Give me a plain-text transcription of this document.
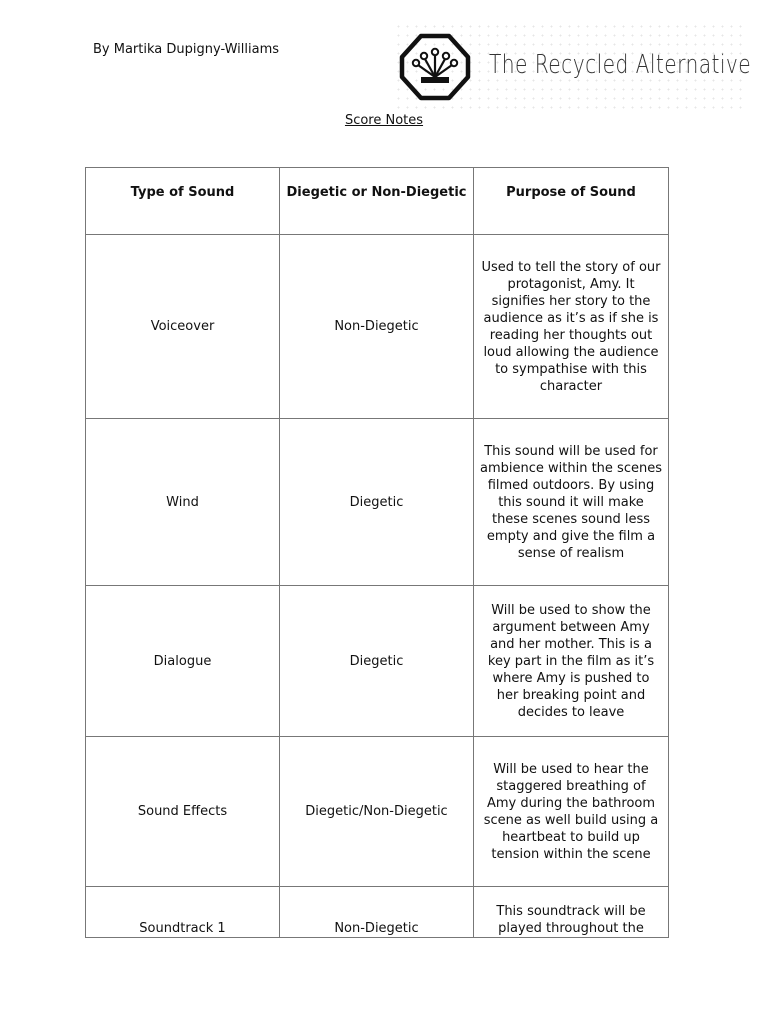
By Martika Dupigny-Williams
The Recycled Alternative
Score Notes
Type of Sound	Diegetic or Non-Diegetic	Purpose of Sound
Voiceover	Non-Diegetic	Used to tell the story of our protagonist, Amy. It signifies her story to the audience as it’s as if she is reading her thoughts out loud allowing the audience to sympathise with this character
Wind	Diegetic	This sound will be used for ambience within the scenes filmed outdoors. By using this sound it will make these scenes sound less empty and give the film a sense of realism
Dialogue	Diegetic	Will be used to show the argument between Amy and her mother. This is a key part in the film as it’s where Amy is pushed to her breaking point and decides to leave
Sound Effects	Diegetic/Non-Diegetic	Will be used to hear the staggered breathing of Amy during the bathroom scene as well build using a heartbeat to build up tension within the scene
Soundtrack 1	Non-Diegetic	This soundtrack will be played throughout the
